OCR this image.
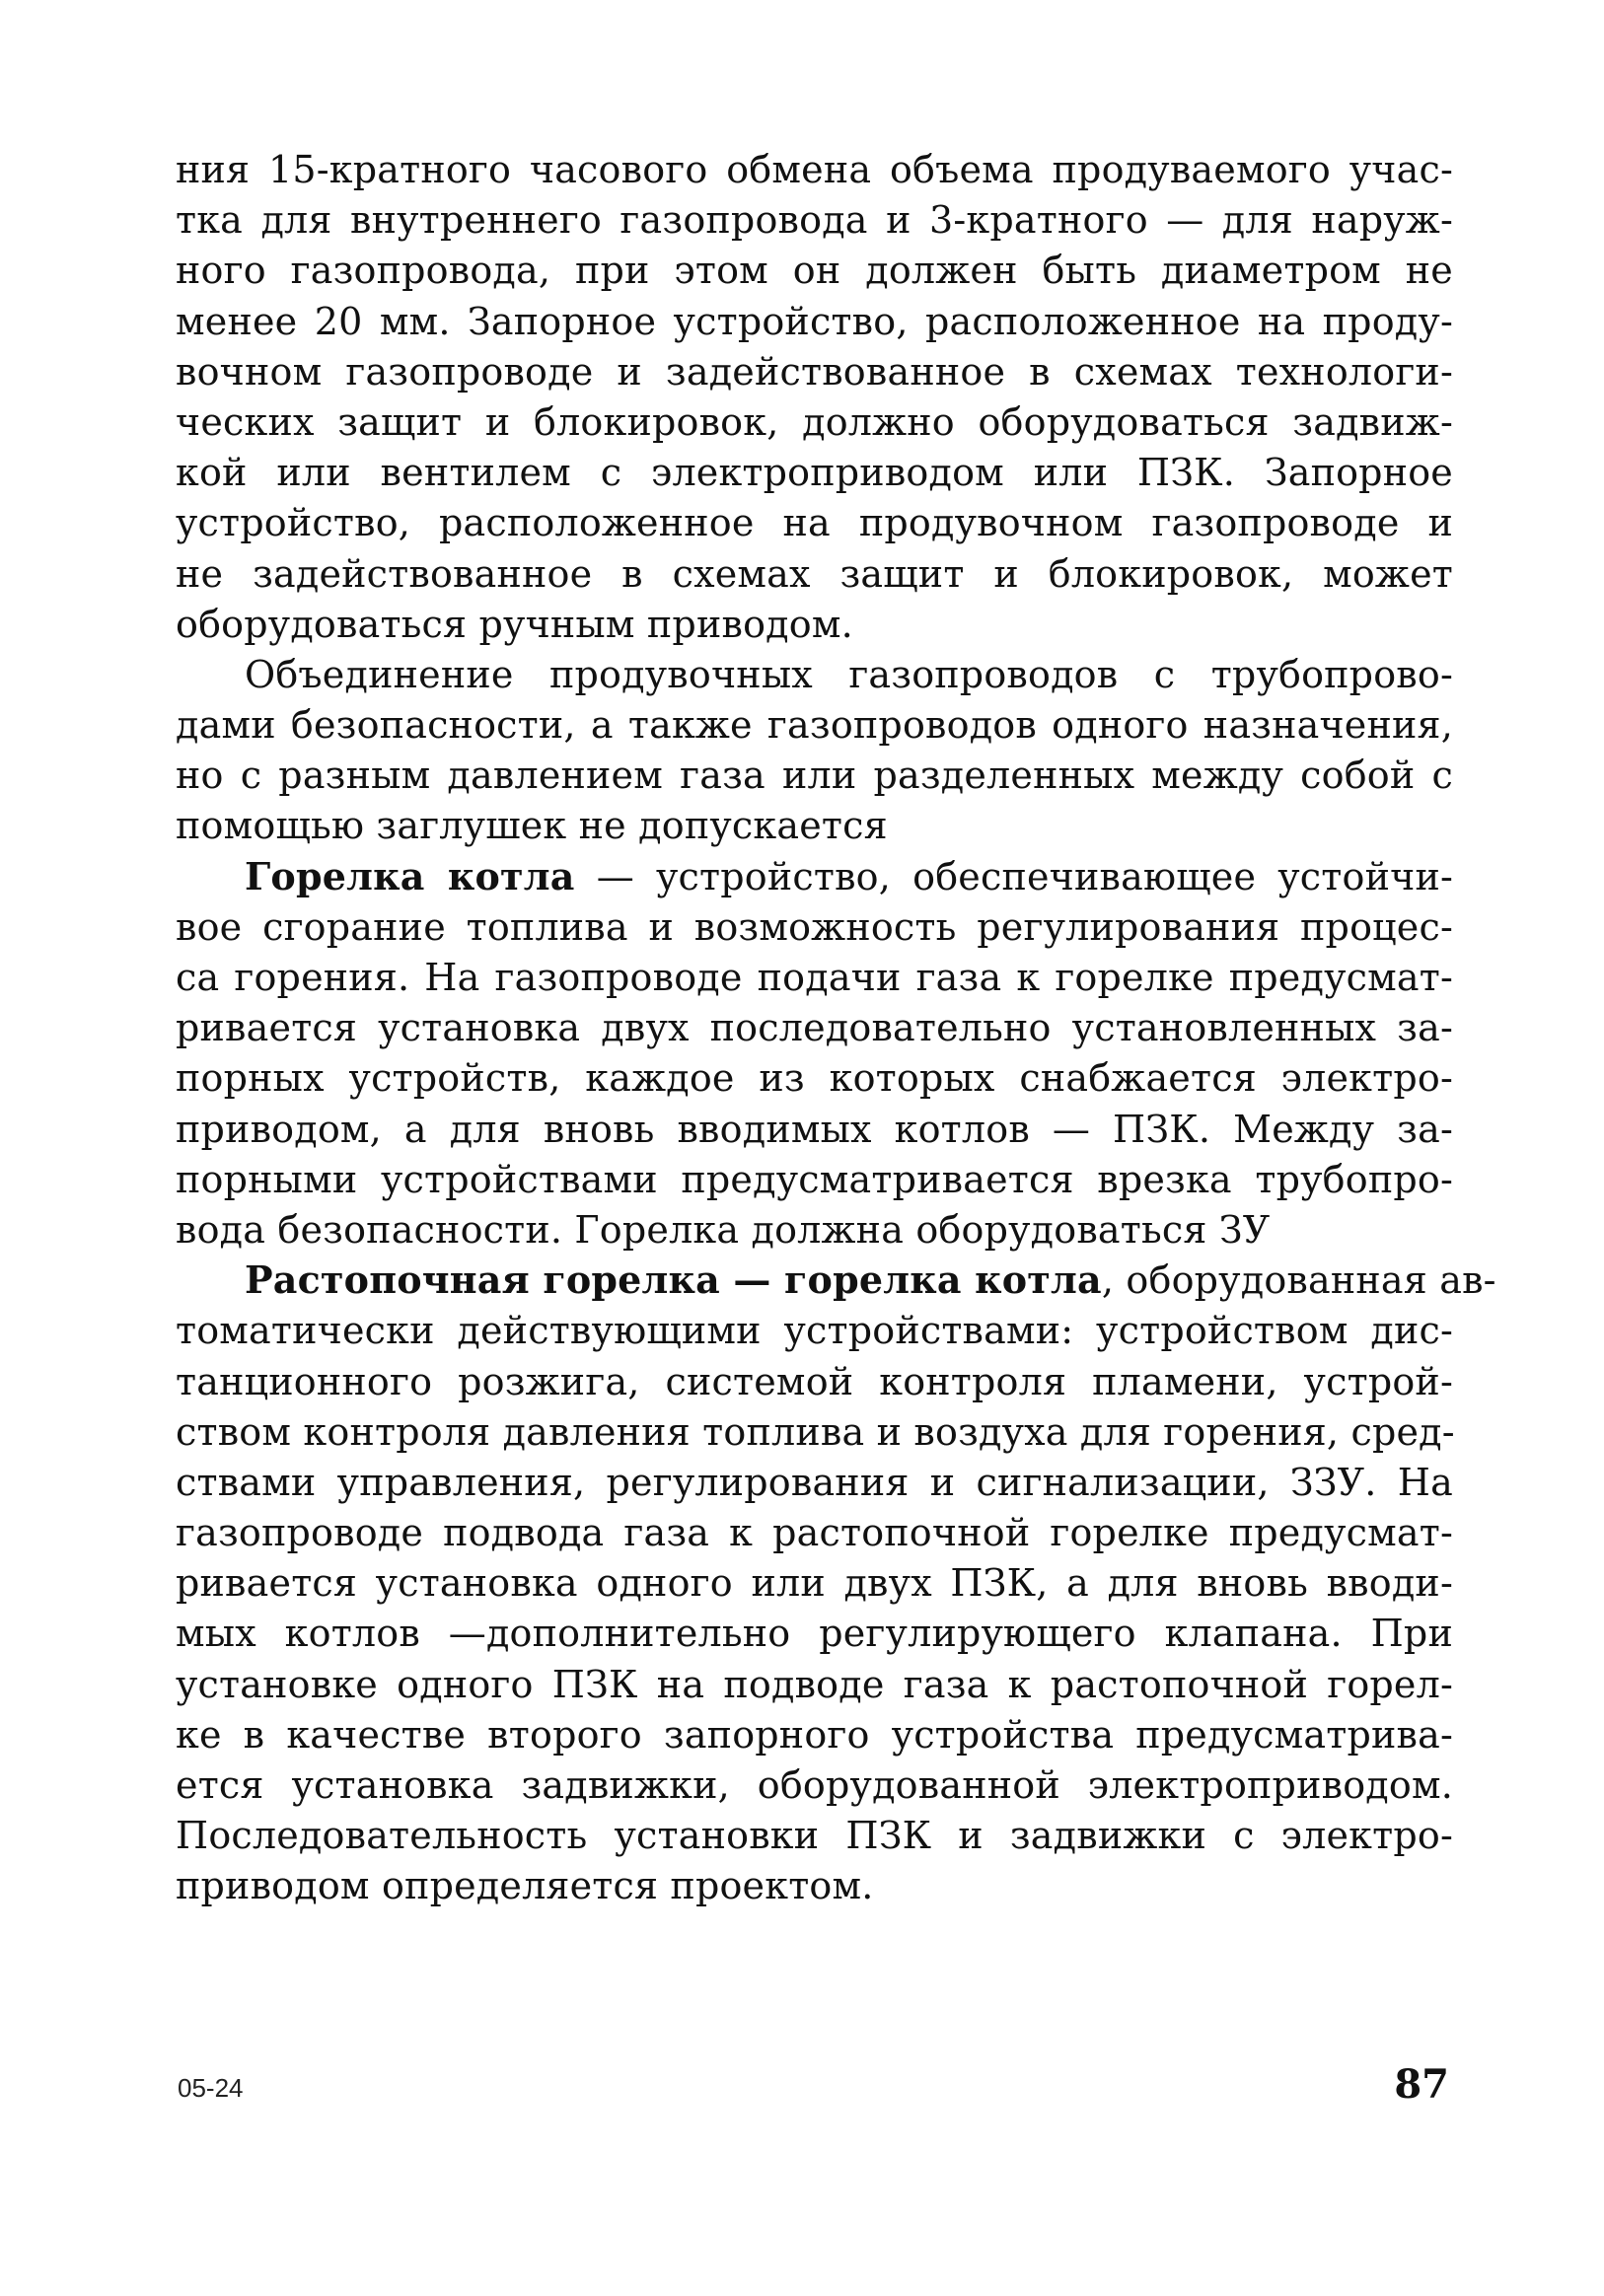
ния 15-кратного часового обмена объема продуваемого учас-
тка для внутреннего газопровода и 3-кратного — для наруж-
ного газопровода, при этом он должен быть диаметром не
менее 20 мм. Запорное устройство, расположенное на проду-
вочном газопроводе и задействованное в схемах технологи-
ческих защит и блокировок, должно оборудоваться задвиж-
кой или вентилем с электроприводом или ПЗК. Запорное
устройство, расположенное на продувочном газопроводе и
не задействованное в схемах защит и блокировок, может
оборудоваться ручным приводом.
Объединение продувочных газопроводов с трубопрово-
дами безопасности, а также газопроводов одного назначения,
но с разным давлением газа или разделенных между собой с
помощью заглушек не допускается
Горелка котла — устройство, обеспечивающее устойчи-
вое сгорание топлива и возможность регулирования процес-
са горения. На газопроводе подачи газа к горелке предусмат-
ривается установка двух последовательно установленных за-
порных устройств, каждое из которых снабжается электро-
приводом, а для вновь вводимых котлов — ПЗК. Между за-
порными устройствами предусматривается врезка трубопро-
вода безопасности. Горелка должна оборудоваться ЗУ
Растопочная горелка — горелка котла, оборудованная ав-
томатически действующими устройствами: устройством дис-
танционного розжига, системой контроля пламени, устрой-
ством контроля давления топлива и воздуха для горения, сред-
ствами управления, регулирования и сигнализации, ЗЗУ. На
газопроводе подвода газа к растопочной горелке предусмат-
ривается установка одного или двух ПЗК, а для вновь вводи-
мых котлов —дополнительно регулирующего клапана. При
установке одного ПЗК на подводе газа к растопочной горел-
ке в качестве второго запорного устройства предусматрива-
ется установка задвижки, оборудованной электроприводом.
Последовательность установки ПЗК и задвижки с электро-
приводом определяется проектом.
05-24	87
